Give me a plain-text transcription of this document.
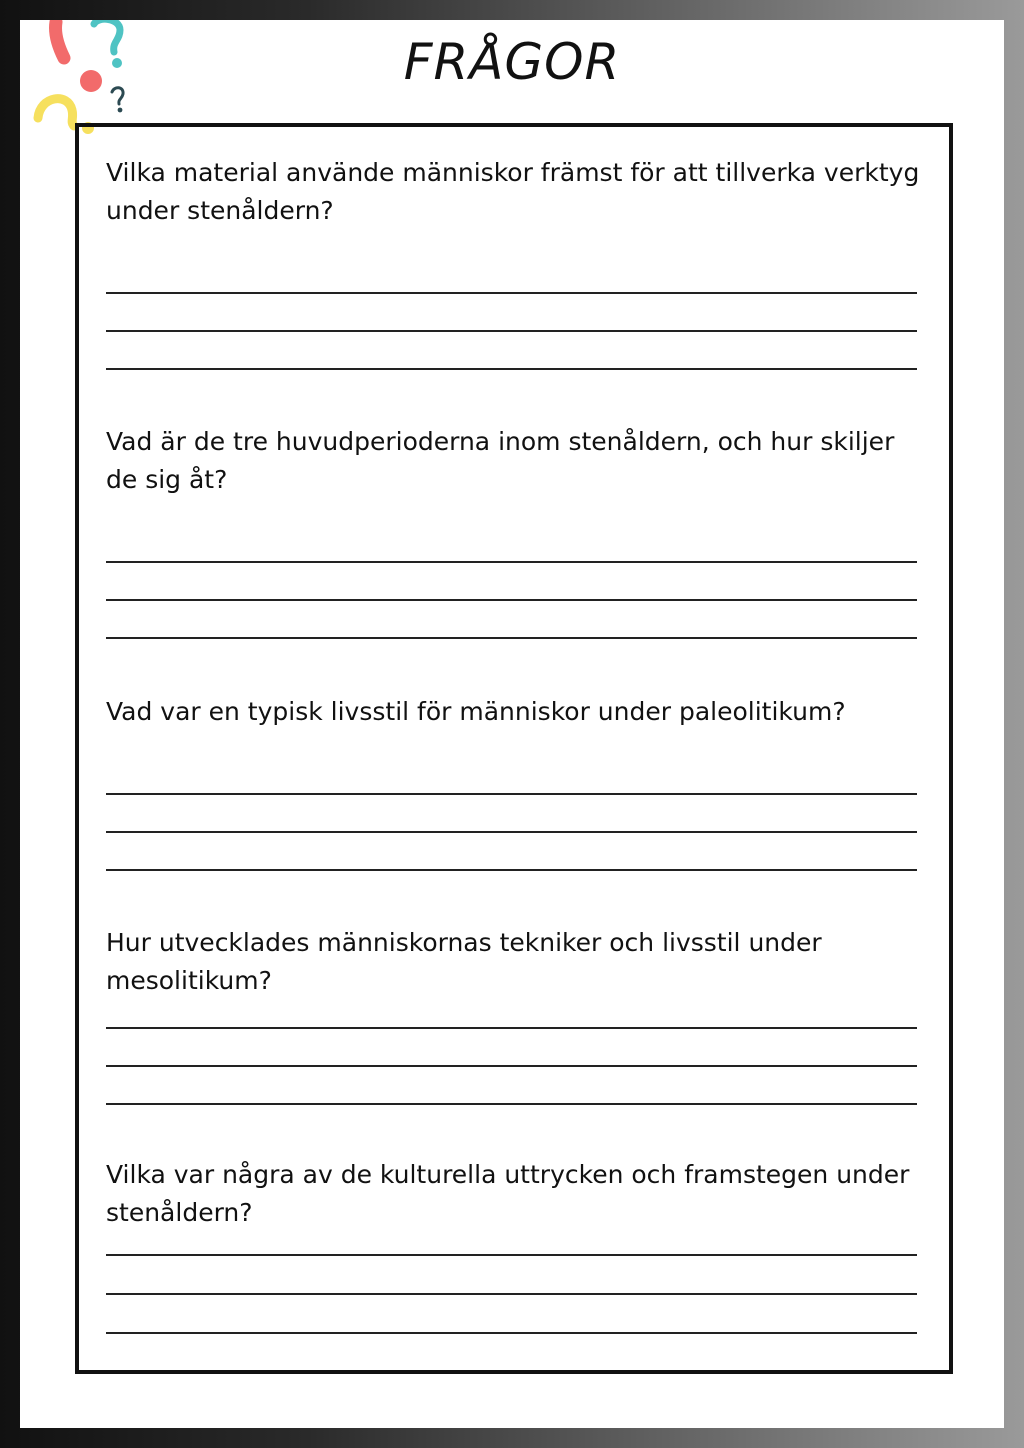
FRÅGOR

Vilka material använde människor främst för att tillverka verktyg under stenåldern?

Vad är de tre huvudperioderna inom stenåldern, och hur skiljer de sig åt?

Vad var en typisk livsstil för människor under paleolitikum?

Hur utvecklades människornas tekniker och livsstil under mesolitikum?

Vilka var några av de kulturella uttrycken och framstegen under stenåldern?
